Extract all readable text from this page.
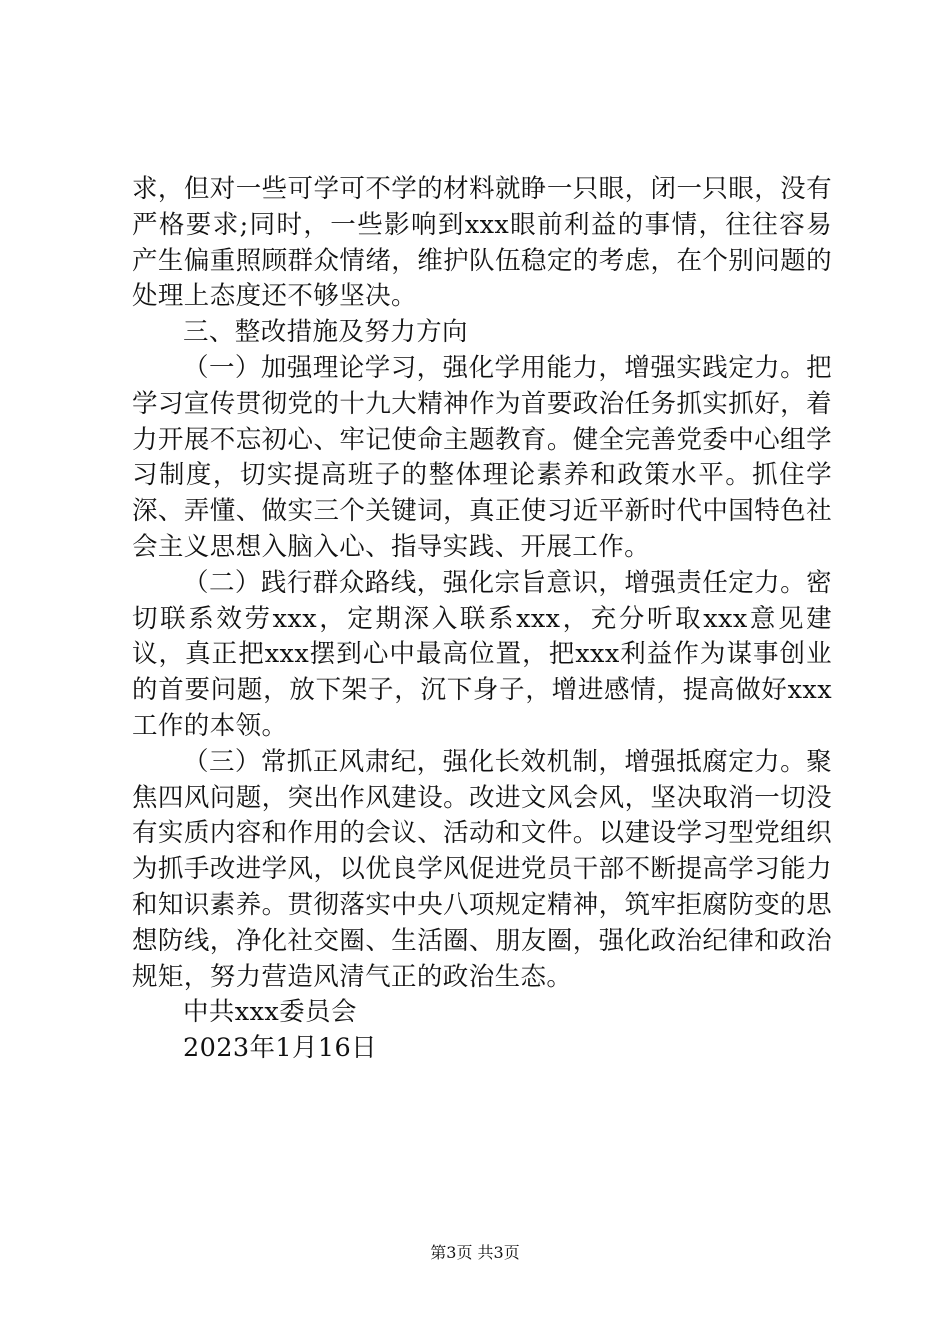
求，但对一些可学可不学的材料就睁一只眼，闭一只眼，没有严格要求;同时，一些影响到xxx眼前利益的事情，往往容易产生偏重照顾群众情绪，维护队伍稳定的考虑，在个别问题的处理上态度还不够坚决。

三、整改措施及努力方向

（一）加强理论学习，强化学用能力，增强实践定力。把学习宣传贯彻党的十九大精神作为首要政治任务抓实抓好，着力开展不忘初心、牢记使命主题教育。健全完善党委中心组学习制度，切实提高班子的整体理论素养和政策水平。抓住学深、弄懂、做实三个关键词，真正使习近平新时代中国特色社会主义思想入脑入心、指导实践、开展工作。

（二）践行群众路线，强化宗旨意识，增强责任定力。密切联系效劳xxx，定期深入联系xxx，充分听取xxx意见建议，真正把xxx摆到心中最高位置，把xxx利益作为谋事创业的首要问题，放下架子，沉下身子，增进感情，提高做好xxx工作的本领。

（三）常抓正风肃纪，强化长效机制，增强抵腐定力。聚焦四风问题，突出作风建设。改进文风会风，坚决取消一切没有实质内容和作用的会议、活动和文件。以建设学习型党组织为抓手改进学风，以优良学风促进党员干部不断提高学习能力和知识素养。贯彻落实中央八项规定精神，筑牢拒腐防变的思想防线，净化社交圈、生活圈、朋友圈，强化政治纪律和政治规矩，努力营造风清气正的政治生态。

中共xxx委员会

2023年1月16日

第3页 共3页
